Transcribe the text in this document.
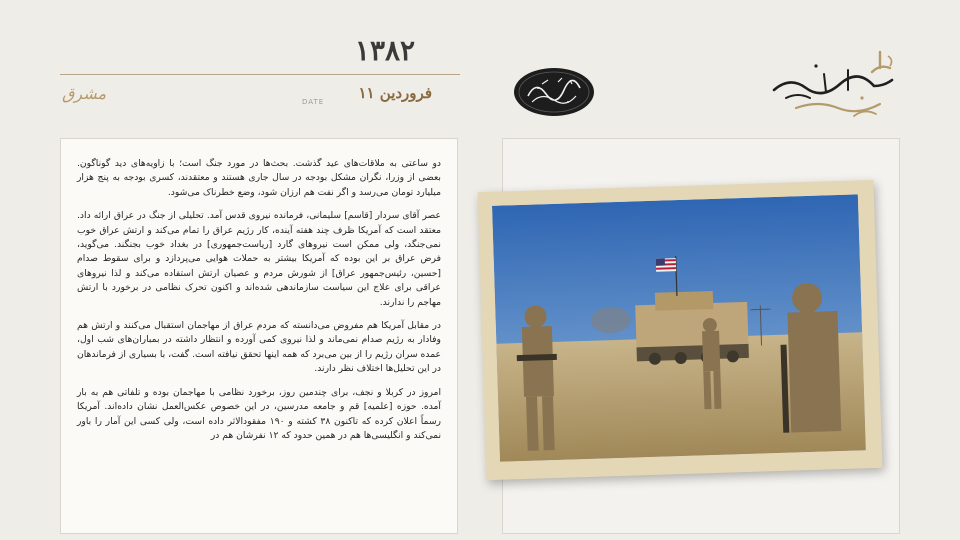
۱۳۸۲
۱۱ فروردین
DATE
مشرق

دو ساعتی به ملاقات‌های عید گذشت. بحث‌ها در مورد جنگ است؛ با زاویه‌های دید گوناگون. بعضی از وزرا، نگران مشکل بودجه در سال جاری هستند و معتقدند، کسری بودجه به پنج هزار میلیارد تومان می‌رسد و اگر نفت هم ارزان شود، وضع خطرناک می‌شود.

عصر آقای سردار [قاسم] سلیمانی، فرمانده نیروی قدس آمد. تحلیلی از جنگ در عراق ارائه داد. معتقد است که آمریکا ظرف چند هفته آینده، کار رژیم عراق را تمام می‌کند و ارتش عراق خوب نمی‌جنگد، ولی ممکن است نیروهای گارد [ریاست‌جمهوری] در بغداد خوب بجنگند. می‌گوید، فرض عراق بر این بوده که آمریکا بیشتر به حملات هوایی می‌پردازد و برای سقوط صدام [حسین، رئیس‌جمهور عراق] از شورش مردم و عصیان ارتش استفاده می‌کند و لذا نیروهای عراقی برای علاج این سیاست سازماندهی شده‌اند و اکنون تحرک نظامی در برخورد با ارتش مهاجم را ندارند.

در مقابل آمریکا هم مفروض می‌دانسته که مردم عراق از مهاجمان استقبال می‌کنند و ارتش هم وفادار به رژیم صدام نمی‌ماند و لذا نیروی کمی آورده و انتظار داشته در بمباران‌های شب اول، عمده سران رژیم را از بین می‌برد که همه اینها تحقق نیافته است. گفت، با بسیاری از فرماندهان در این تحلیل‌ها اختلاف نظر دارند.

امروز در کربلا و نجف، برای چندمین روز، برخورد نظامی با مهاجمان بوده و تلفاتی هم به بار آمده. حوزه [علمیه] قم و جامعه مدرسین، در این خصوص عکس‌العمل نشان داده‌اند. آمریکا رسماً اعلان کرده که تاکنون ۳۸ کشته و ۱۹۰ مفقودالاثر داده است، ولی کسی این آمار را باور نمی‌کند و انگلیسی‌ها هم در همین حدود که ۱۲ نفرشان هم در
